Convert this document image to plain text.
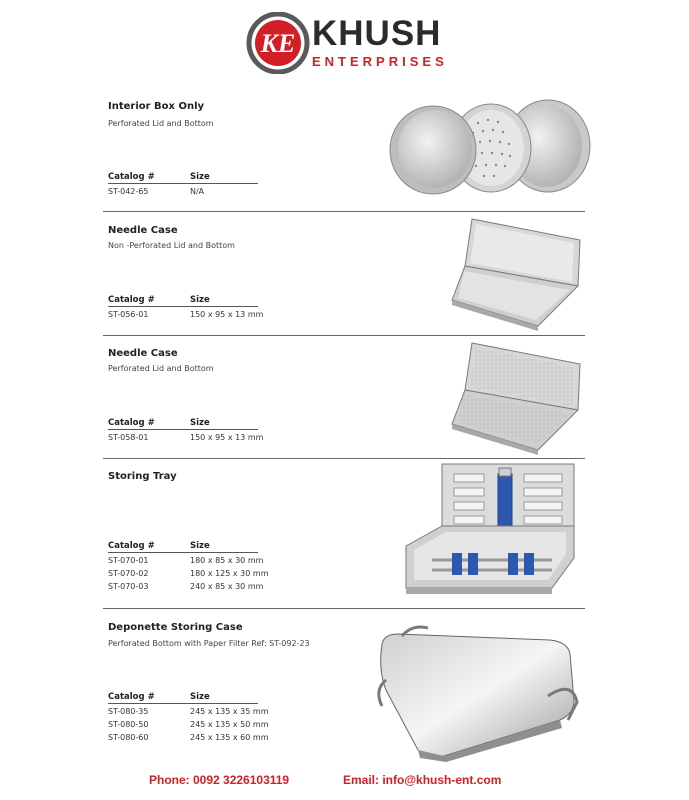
KE KHUSH
ENTERPRISES
Interior Box Only
Perforated Lid and Bottom
Catalog #	Size
ST-042-65	N/A
Needle Case
Non -Perforated Lid and Bottom
Catalog #	Size
ST-056-01	150 x 95 x 13 mm
Needle Case
Perforated Lid and Bottom
Catalog #	Size
ST-058-01	150 x 95 x 13 mm
Storing Tray
Catalog #	Size
ST-070-01	180 x 85 x 30 mm
ST-070-02	180 x 125 x 30 mm
ST-070-03	240 x 85 x 30 mm
Deponette Storing Case
Perforated Bottom with Paper Filter Ref: ST-092-23
Catalog #	Size
ST-080-35	245 x 135 x 35 mm
ST-080-50	245 x 135 x 50 mm
ST-080-60	245 x 135 x 60 mm
Phone: 0092 3226103119	Email: info@khush-ent.com
